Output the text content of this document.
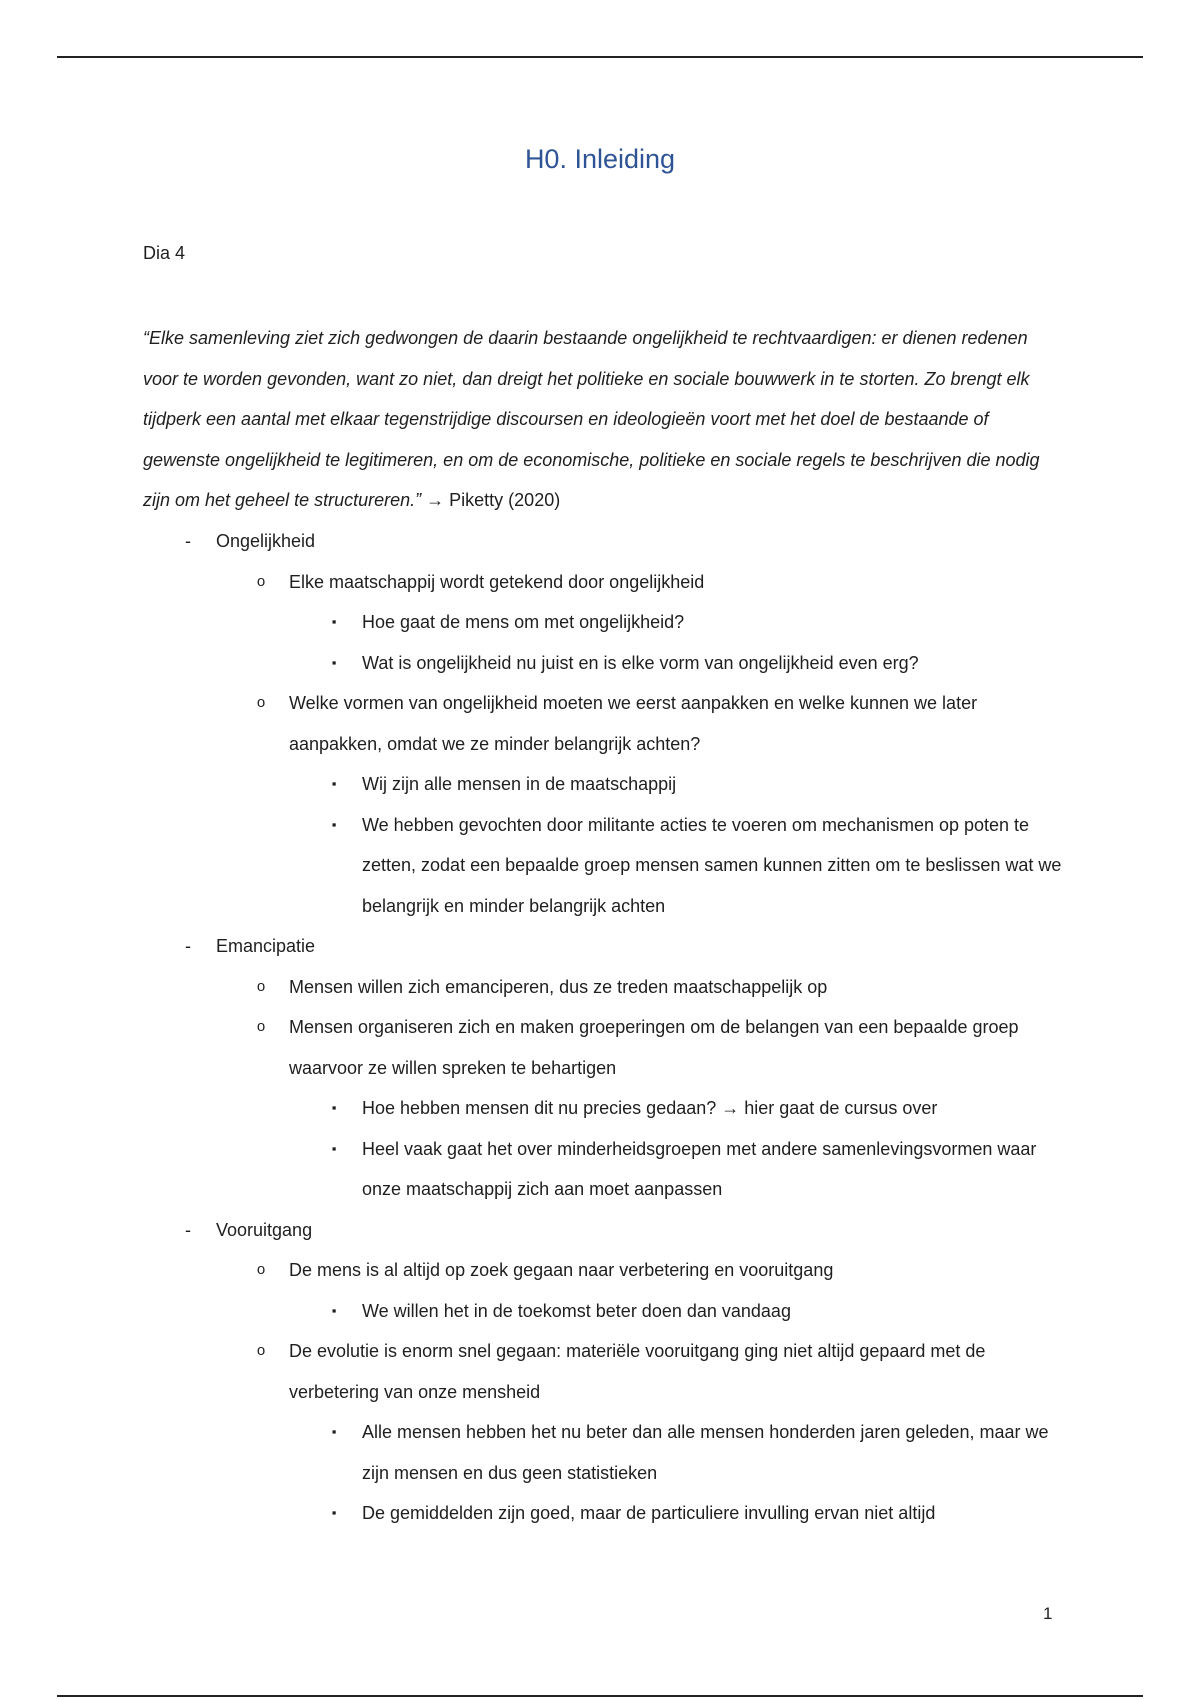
H0. Inleiding
Dia 4
“Elke samenleving ziet zich gedwongen de daarin bestaande ongelijkheid te rechtvaardigen: er dienen redenen voor te worden gevonden, want zo niet, dan dreigt het politieke en sociale bouwwerk in te storten. Zo brengt elk tijdperk een aantal met elkaar tegenstrijdige discoursen en ideologieën voort met het doel de bestaande of gewenste ongelijkheid te legitimeren, en om de economische, politieke en sociale regels te beschrijven die nodig zijn om het geheel te structureren.” → Piketty (2020)
-	Ongelijkheid
o	Elke maatschappij wordt getekend door ongelijkheid
▪	Hoe gaat de mens om met ongelijkheid?
▪	Wat is ongelijkheid nu juist en is elke vorm van ongelijkheid even erg?
o	Welke vormen van ongelijkheid moeten we eerst aanpakken en welke kunnen we later aanpakken, omdat we ze minder belangrijk achten?
▪	Wij zijn alle mensen in de maatschappij
▪	We hebben gevochten door militante acties te voeren om mechanismen op poten te zetten, zodat een bepaalde groep mensen samen kunnen zitten om te beslissen wat we belangrijk en minder belangrijk achten
-	Emancipatie
o	Mensen willen zich emanciperen, dus ze treden maatschappelijk op
o	Mensen organiseren zich en maken groeperingen om de belangen van een bepaalde groep waarvoor ze willen spreken te behartigen
▪	Hoe hebben mensen dit nu precies gedaan? → hier gaat de cursus over
▪	Heel vaak gaat het over minderheidsgroepen met andere samenlevingsvormen waar onze maatschappij zich aan moet aanpassen
-	Vooruitgang
o	De mens is al altijd op zoek gegaan naar verbetering en vooruitgang
▪	We willen het in de toekomst beter doen dan vandaag
o	De evolutie is enorm snel gegaan: materiële vooruitgang ging niet altijd gepaard met de verbetering van onze mensheid
▪	Alle mensen hebben het nu beter dan alle mensen honderden jaren geleden, maar we zijn mensen en dus geen statistieken
▪	De gemiddelden zijn goed, maar de particuliere invulling ervan niet altijd
1
